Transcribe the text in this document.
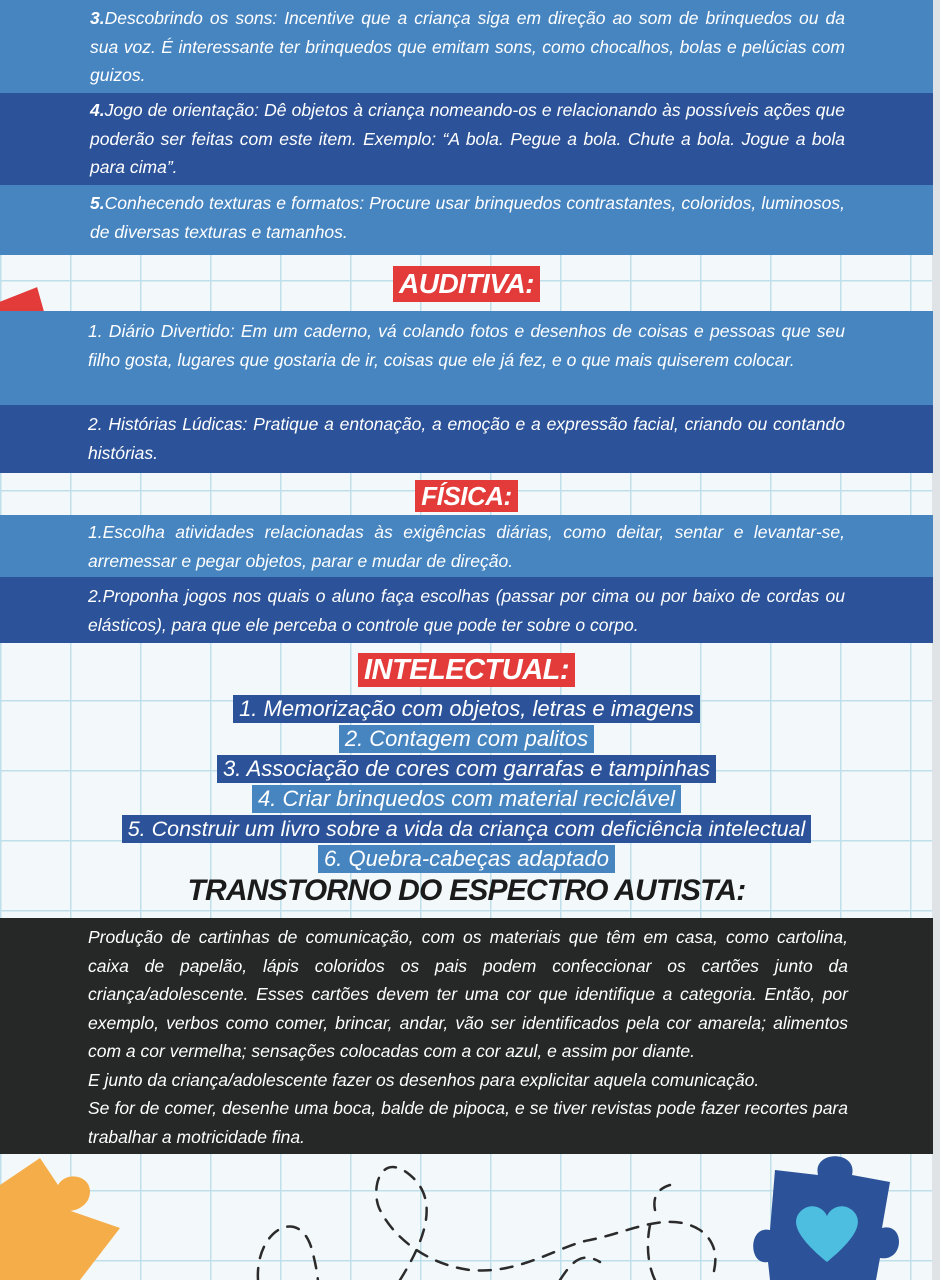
3.Descobrindo os sons: Incentive que a criança siga em direção ao som de brinquedos ou da sua voz. É interessante ter brinquedos que emitam sons, como chocalhos, bolas e pelúcias com guizos.

4.Jogo de orientação: Dê objetos à criança nomeando-os e relacionando às possíveis ações que poderão ser feitas com este item. Exemplo: “A bola. Pegue a bola. Chute a bola. Jogue a bola para cima”.

5.Conhecendo texturas e formatos: Procure usar brinquedos contrastantes, coloridos, luminosos, de diversas texturas e tamanhos.

AUDITIVA:

1. Diário Divertido: Em um caderno, vá colando fotos e desenhos de coisas e pessoas que seu filho gosta, lugares que gostaria de ir, coisas que ele já fez, e o que mais quiserem colocar.

2. Histórias Lúdicas: Pratique a entonação, a emoção e a expressão facial, criando ou contando histórias.

FÍSICA:

1.Escolha atividades relacionadas às exigências diárias, como deitar, sentar e levantar-se, arremessar e pegar objetos, parar e mudar de direção.

2.Proponha jogos nos quais o aluno faça escolhas (passar por cima ou por baixo de cordas ou elásticos), para que ele perceba o controle que pode ter sobre o corpo.

INTELECTUAL:
1. Memorização com objetos, letras e imagens
2. Contagem com palitos
3. Associação de cores com garrafas e tampinhas
4. Criar brinquedos com material reciclável
5. Construir um livro sobre a vida da criança com deficiência intelectual
6. Quebra-cabeças adaptado
TRANSTORNO DO ESPECTRO AUTISTA:

Produção de cartinhas de comunicação, com os materiais que têm em casa, como cartolina, caixa de papelão, lápis coloridos os pais podem confeccionar os cartões junto da criança/adolescente. Esses cartões devem ter uma cor que identifique a categoria. Então, por exemplo, verbos como comer, brincar, andar, vão ser identificados pela cor amarela; alimentos com a cor vermelha; sensações colocadas com a cor azul, e assim por diante.

E junto da criança/adolescente fazer os desenhos para explicitar aquela comunicação.

Se for de comer, desenhe uma boca, balde de pipoca, e se tiver revistas pode fazer recortes para trabalhar a motricidade fina.
